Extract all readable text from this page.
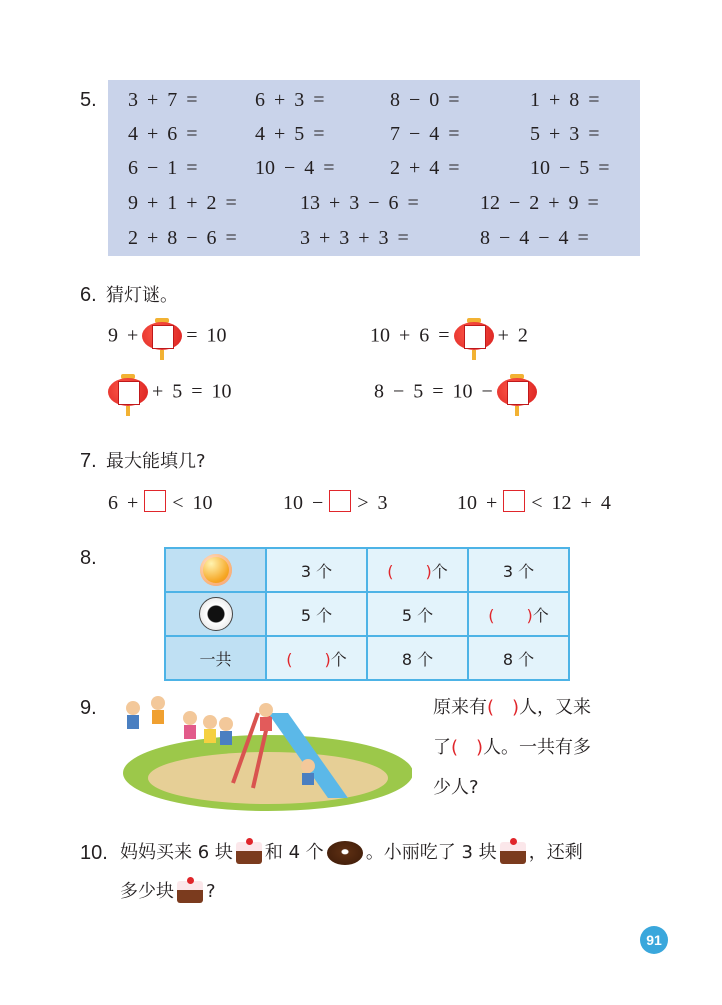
5.
6. 猜灯谜。
9 + = 10	10 + 6 = + 2
+ 5 = 10	8 − 5 = 10 −
7. 最大能填几?
6 + < 10	10 − > 3	10 + < 12 + 4
8.
	3 个	(   )个	3 个
	5 个	5 个	(   )个
一共	(   )个	8 个	8 个
9.	原来有(  )人，又来
了(  )人。一共有多
少人?
10. 妈妈买来 6 块 和 4 个 。小丽吃了 3 块 ，还剩
多少块 ?
91
3 + 7 =	6 + 3 =	8 − 0 =	1 + 8 =
4 + 6 =	4 + 5 =	7 − 4 =	5 + 3 =
6 − 1 =	10 − 4 =	2 + 4 =	10 − 5 =
9 + 1 + 2 =	13 + 3 − 6 =	12 − 2 + 9 =
2 + 8 − 6 =	3 + 3 + 3 =	8 − 4 − 4 =
